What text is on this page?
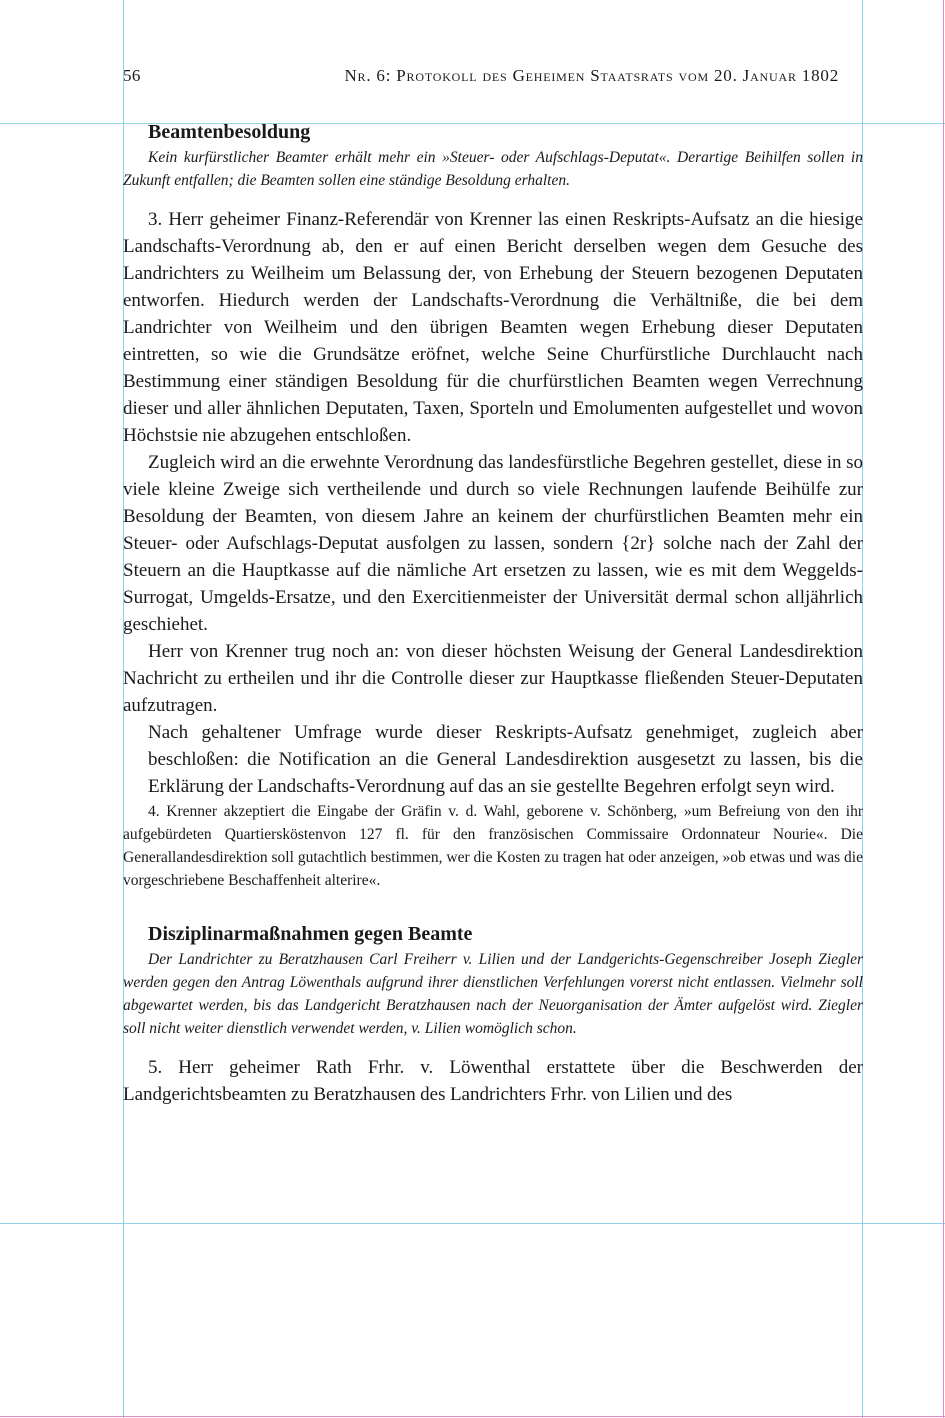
56	Nr. 6: Protokoll des Geheimen Staatsrats vom 20. Januar 1802
Beamtenbesoldung

Kein kurfürstlicher Beamter erhält mehr ein »Steuer- oder Aufschlags-Deputat«. Derartige Beihilfen sollen in Zukunft entfallen; die Beamten sollen eine ständige Besoldung erhalten.

3. Herr geheimer Finanz-Referendär von Krenner las einen Reskripts-Aufsatz an die hiesige Landschafts-Verordnung ab, den er auf einen Bericht derselben wegen dem Gesuche des Landrichters zu Weilheim um Belassung der, von Erhebung der Steuern bezogenen Deputaten entworfen. Hiedurch werden der Landschafts-Verordnung die Verhältniße, die bei dem Landrichter von Weilheim und den übrigen Beamten wegen Erhebung dieser Deputaten eintretten, so wie die Grundsätze eröfnet, welche Seine Churfürstliche Durchlaucht nach Bestimmung einer ständigen Besoldung für die churfürstlichen Beamten wegen Verrechnung dieser und aller ähnlichen Deputaten, Taxen, Sporteln und Emolumenten aufgestellet und wovon Höchstsie nie abzugehen entschloßen.

Zugleich wird an die erwehnte Verordnung das landesfürstliche Begehren gestellet, diese in so viele kleine Zweige sich vertheilende und durch so viele Rechnungen laufende Beihülfe zur Besoldung der Beamten, von diesem Jahre an keinem der churfürstlichen Beamten mehr ein Steuer- oder Aufschlags-Deputat ausfolgen zu lassen, sondern {2r} solche nach der Zahl der Steuern an die Hauptkasse auf die nämliche Art ersetzen zu lassen, wie es mit dem Weggelds-Surrogat, Umgelds-Ersatze, und den Exercitienmeister der Universität dermal schon alljährlich geschiehet.

Herr von Krenner trug noch an: von dieser höchsten Weisung der General Landesdirektion Nachricht zu ertheilen und ihr die Controlle dieser zur Hauptkasse fließenden Steuer-Deputaten aufzutragen.

Nach gehaltener Umfrage wurde dieser Reskripts-Aufsatz genehmiget, zugleich aber beschloßen: die Notification an die General Landesdirektion ausgesetzt zu lassen, bis die Erklärung der Landschafts-Verordnung auf das an sie gestellte Begehren erfolgt seyn wird.

4. Krenner akzeptiert die Eingabe der Gräfin v. d. Wahl, geborene v. Schönberg, »um Befreiung von den ihr aufgebürdeten Quartiersköstenvon 127 fl. für den französischen Commissaire Ordonnateur Nourie«. Die Generallandesdirektion soll gutachtlich bestimmen, wer die Kosten zu tragen hat oder anzeigen, »ob etwas und was die vorgeschriebene Beschaffenheit alterire«.

Disziplinarmaßnahmen gegen Beamte

Der Landrichter zu Beratzhausen Carl Freiherr v. Lilien und der Landgerichts-Gegenschreiber Joseph Ziegler werden gegen den Antrag Löwenthals aufgrund ihrer dienstlichen Verfehlungen vorerst nicht entlassen. Vielmehr soll abgewartet werden, bis das Landgericht Beratzhausen nach der Neuorganisation der Ämter aufgelöst wird. Ziegler soll nicht weiter dienstlich verwendet werden, v. Lilien womöglich schon.

5. Herr geheimer Rath Frhr. v. Löwenthal erstattete über die Beschwerden der Landgerichtsbeamten zu Beratzhausen des Landrichters Frhr. von Lilien und des
